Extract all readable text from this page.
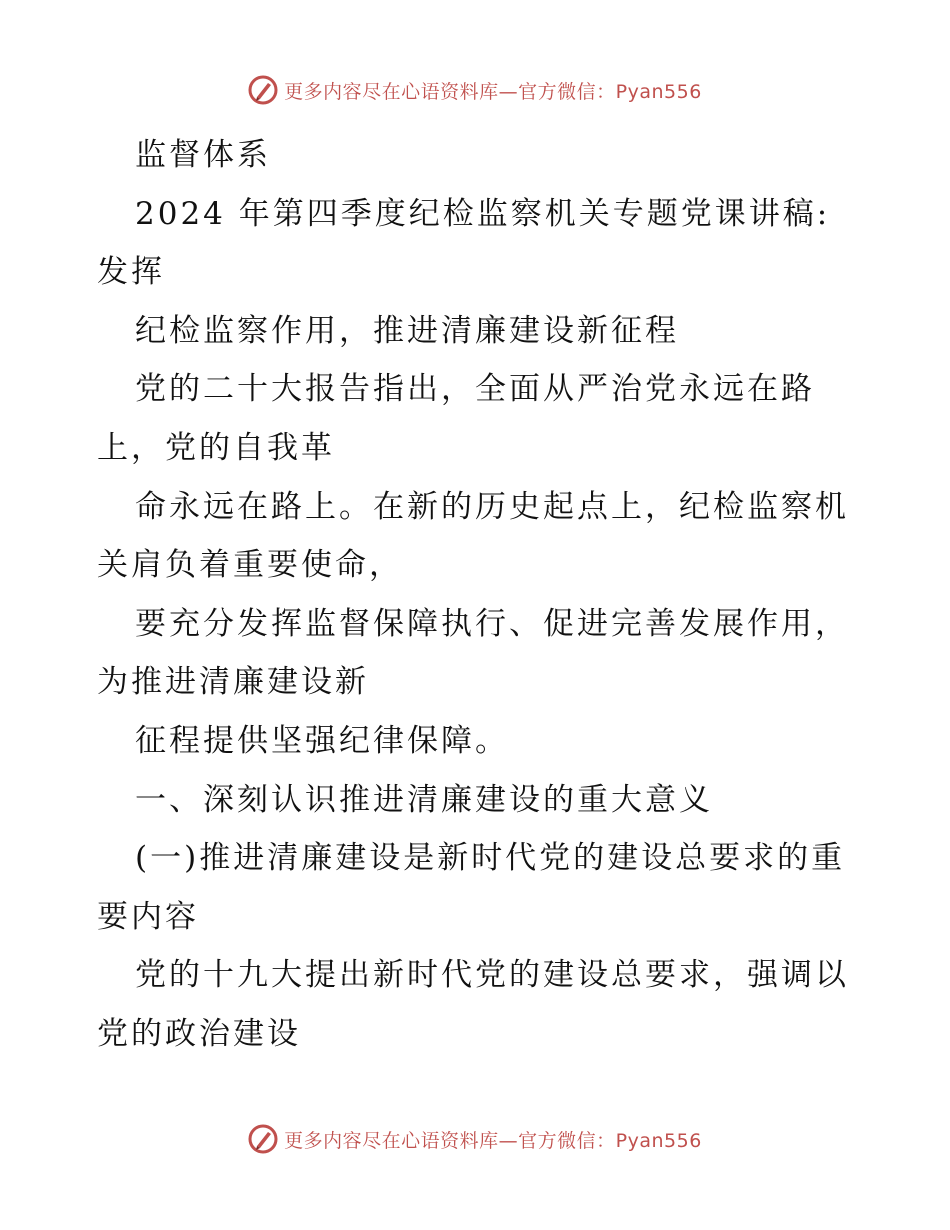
更多内容尽在心语资料库—官方微信：Pyan556
监督体系
2024 年第四季度纪检监察机关专题党课讲稿:
发挥
纪检监察作用，推进清廉建设新征程
党的二十大报告指出，全面从严治党永远在路
上，党的自我革
命永远在路上。在新的历史起点上，纪检监察机
关肩负着重要使命，
要充分发挥监督保障执行、促进完善发展作用，
为推进清廉建设新
征程提供坚强纪律保障。
一、深刻认识推进清廉建设的重大意义
(一)推进清廉建设是新时代党的建设总要求的重
要内容
党的十九大提出新时代党的建设总要求，强调以
党的政治建设
更多内容尽在心语资料库—官方微信：Pyan556
